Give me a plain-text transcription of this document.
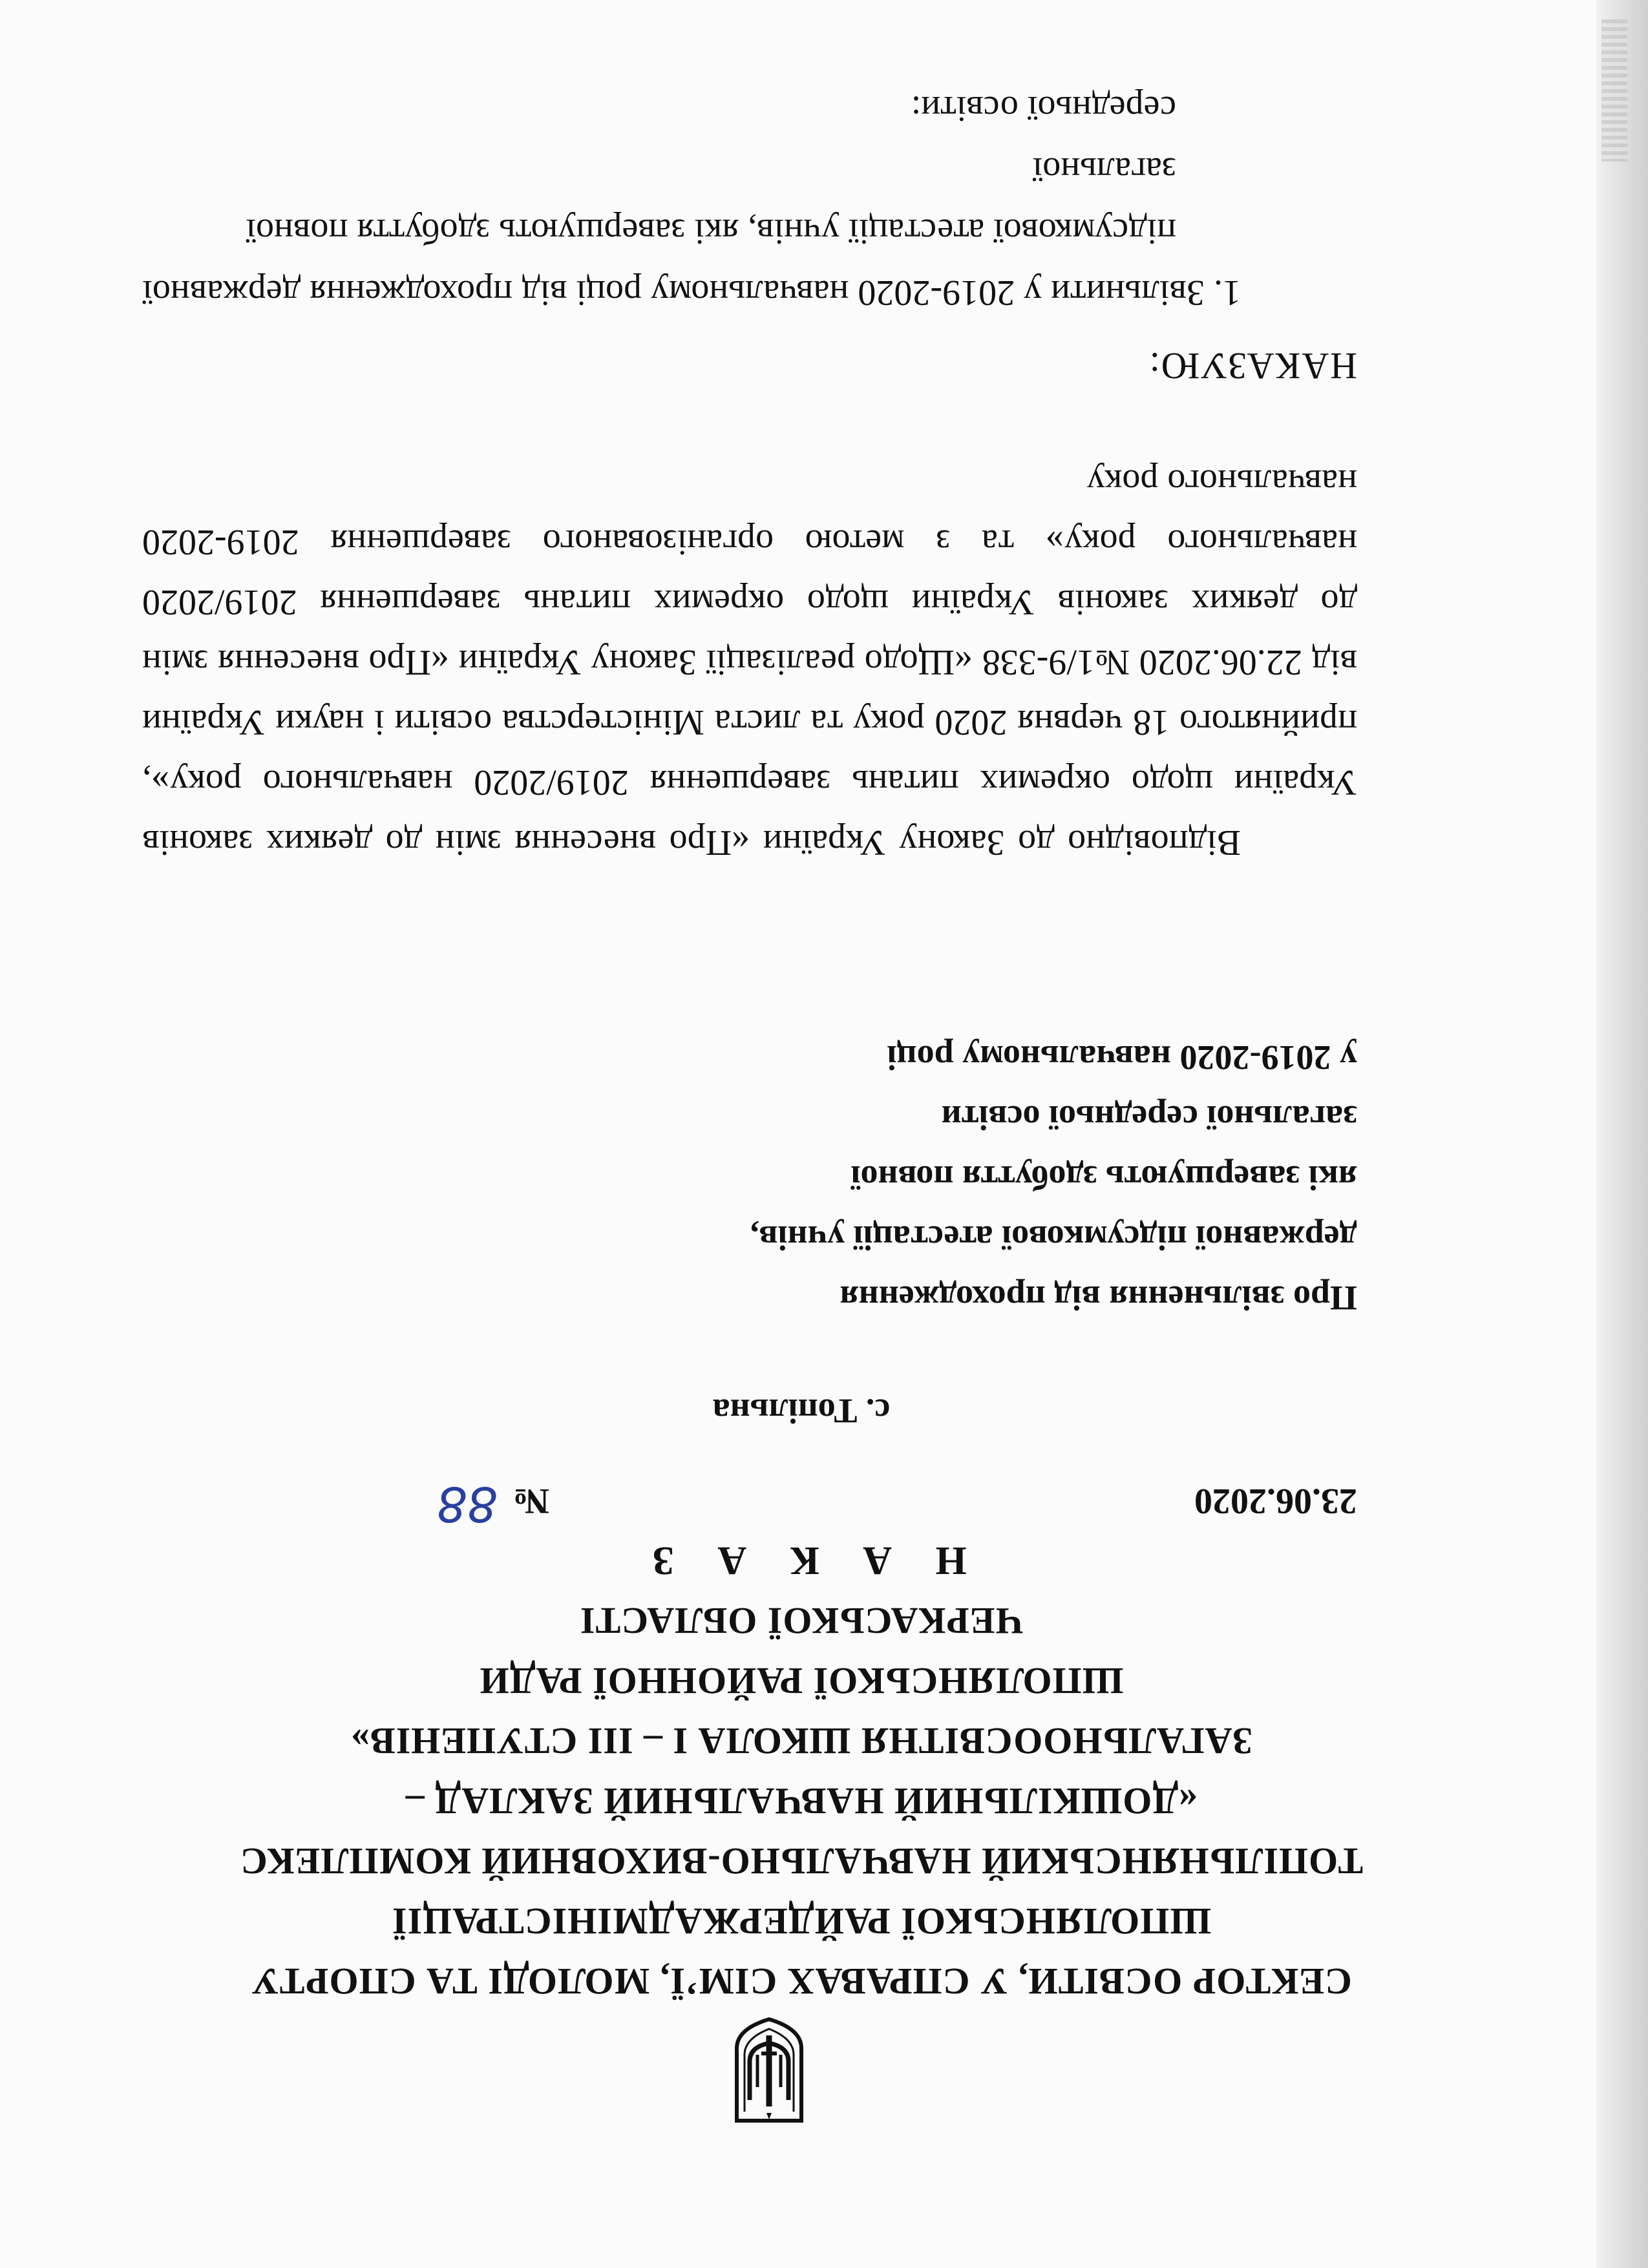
СЕКТОР ОСВІТИ, У СПРАВАХ СІМ’Ї, МОЛОДІ ТА СПОРТУ

ШПОЛЯНСЬКОЇ РАЙДЕРЖАДМІНІСТРАЦІЇ

ТОПІЛЬНЯНСЬКИЙ НАВЧАЛЬНО-ВИХОВНИЙ КОМПЛЕКС

«ДОШКІЛЬНИЙ НАВЧАЛЬНИЙ ЗАКЛАД –

ЗАГАЛЬНООСВІТНЯ ШКОЛА І – ІІІ СТУПЕНІВ»

ШПОЛЯНСЬКОЇ РАЙОННОЇ РАДИ

ЧЕРКАСЬКОЇ ОБЛАСТІ

Н А К А З
23.06.2020
№
88
с. Топільна
Про звільнення від проходження
державної підсумкової атестації учнів,
які завершують здобуття повної
загальної середньої освіти
у 2019-2020 навчальному році

Відповідно до Закону України «Про внесення змін до деяких законів України щодо окремих питань завершення 2019/2020 навчального року», прийнятого 18 червня 2020 року та листа Міністерства освіти і науки України від 22.06.2020 №1/9-338 «Щодо реалізації Закону України «Про внесення змін до деяких законів України щодо окремих питань завершення 2019/2020 навчального року» та з метою організованого завершення 2019-2020 навчального року

НАКАЗУЮ:

1. Звільнити у 2019-2020 навчальному році від проходження державної
підсумкової атестації учнів, які завершують здобуття повної загальної
середньої освіти:
